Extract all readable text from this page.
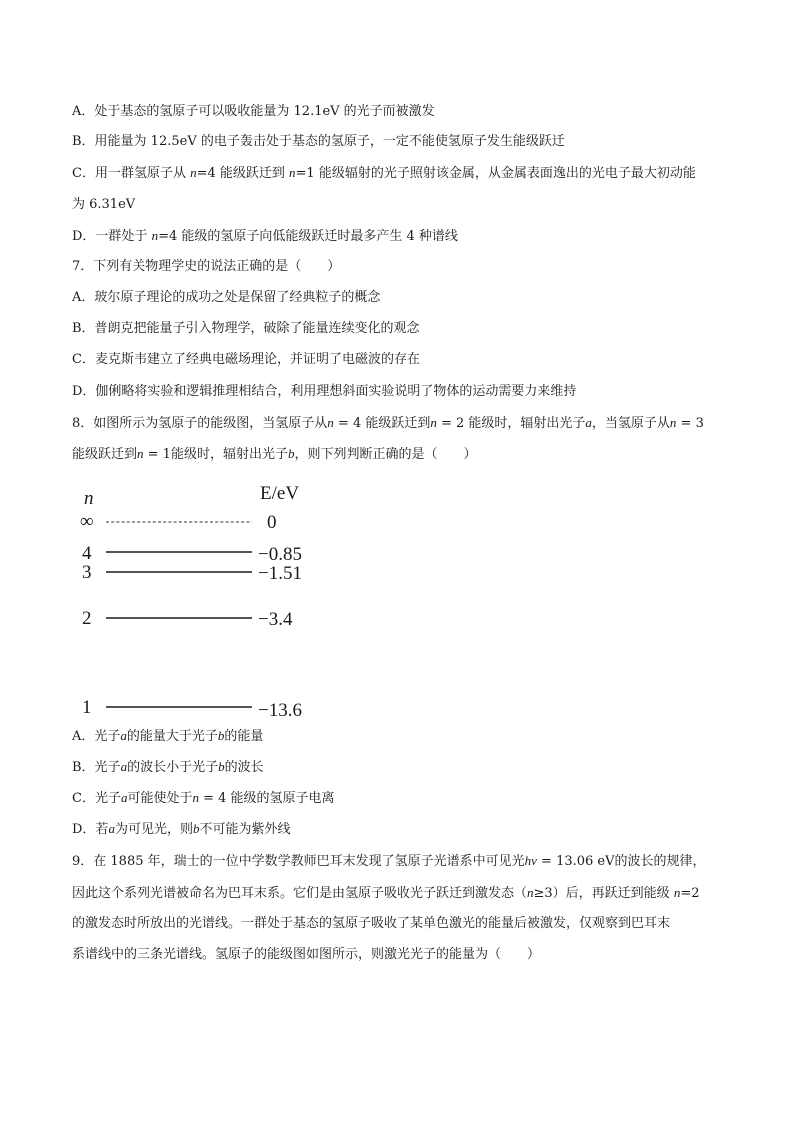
A．处于基态的氢原子可以吸收能量为 12.1eV 的光子而被激发
B．用能量为 12.5eV 的电子轰击处于基态的氢原子，一定不能使氢原子发生能级跃迁
C．用一群氢原子从 n=4 能级跃迁到 n=1 能级辐射的光子照射该金属，从金属表面逸出的光电子最大初动能
为 6.31eV
D．一群处于 n=4 能级的氢原子向低能级跃迁时最多产生 4 种谱线
7．下列有关物理学史的说法正确的是（　　）
A．玻尔原子理论的成功之处是保留了经典粒子的概念
B．普朗克把能量子引入物理学，破除了能量连续变化的观念
C．麦克斯韦建立了经典电磁场理论，并证明了电磁波的存在
D．伽俐略将实验和逻辑推理相结合，利用理想斜面实验说明了物体的运动需要力来维持
8．如图所示为氢原子的能级图，当氢原子从n = 4 能级跃迁到n = 2 能级时，辐射出光子a，当氢原子从n = 3
能级跃迁到n = 1能级时，辐射出光子b，则下列判断正确的是（　　）
n	E/eV
∞	0
4	−0.85
3	−1.51
2	−3.4
1	−13.6
A．光子a的能量大于光子b的能量
B．光子a的波长小于光子b的波长
C．光子a可能使处于n = 4 能级的氢原子电离
D．若a为可见光，则b不可能为紫外线
9．在 1885 年，瑞士的一位中学数学教师巴耳末发现了氢原子光谱系中可见光hν = 13.06 eV的波长的规律，
因此这个系列光谱被命名为巴耳末系。它们是由氢原子吸收光子跃迁到激发态（n≥3）后，再跃迁到能级 n=2
的激发态时所放出的光谱线。一群处于基态的氢原子吸收了某单色激光的能量后被激发，仅观察到巴耳末
系谱线中的三条光谱线。氢原子的能级图如图所示，则激光光子的能量为（　　）
